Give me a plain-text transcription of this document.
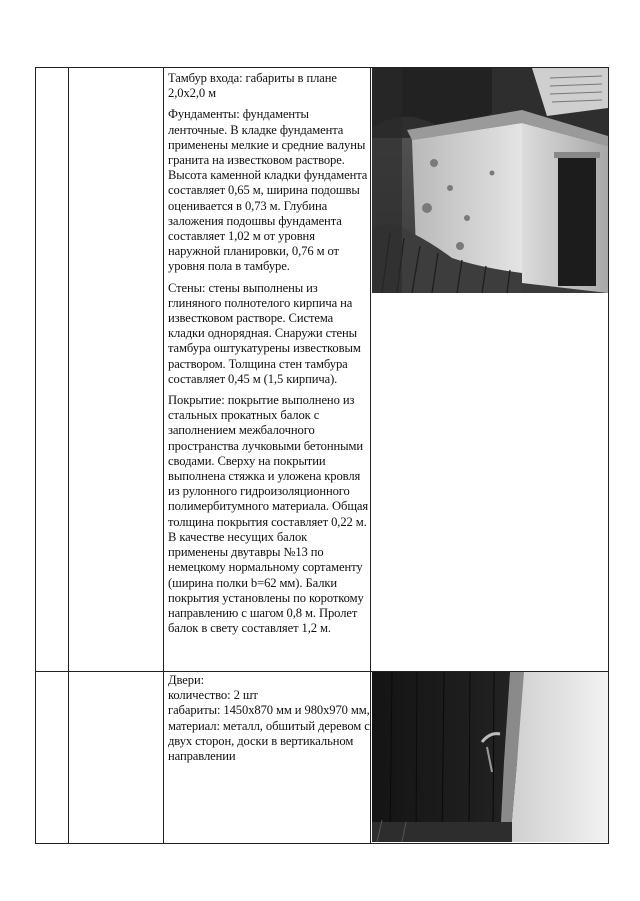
Тамбур входа: габариты в плане 2,0х2,0 м

Фундаменты: фундаменты ленточные. В кладке фундамента применены мелкие и средние валуны гранита на известковом растворе. Высота каменной кладки фундамента составляет 0,65 м, ширина подошвы оценивается в 0,73 м. Глубина заложения подошвы фундамента составляет 1,02 м от уровня наружной планировки, 0,76 м от уровня пола в тамбуре.

Стены: стены выполнены из глиняного полнотелого кирпича на известковом растворе. Система кладки однорядная. Снаружи стены тамбура оштукатурены известковым раствором. Толщина стен тамбура составляет 0,45 м (1,5 кирпича).

Покрытие: покрытие выполнено из стальных прокатных балок с заполнением межбалочного пространства лучковыми бетонными сводами. Сверху на покрытии выполнена стяжка и уложена кровля из рулонного гидроизоляционного полимербитумного материала. Общая толщина покрытия составляет 0,22 м. В качестве несущих балок применены двутавры №13 по немецкому нормальному сортаменту (ширина полки b=62 мм). Балки покрытия установлены по короткому направлению с шагом 0,8 м. Пролет балок в свету составляет 1,2 м.

Двери:
количество: 2 шт
габариты: 1450х870 мм и 980х970 мм,
материал: металл, обшитый деревом с двух сторон, доски в вертикальном направлении
